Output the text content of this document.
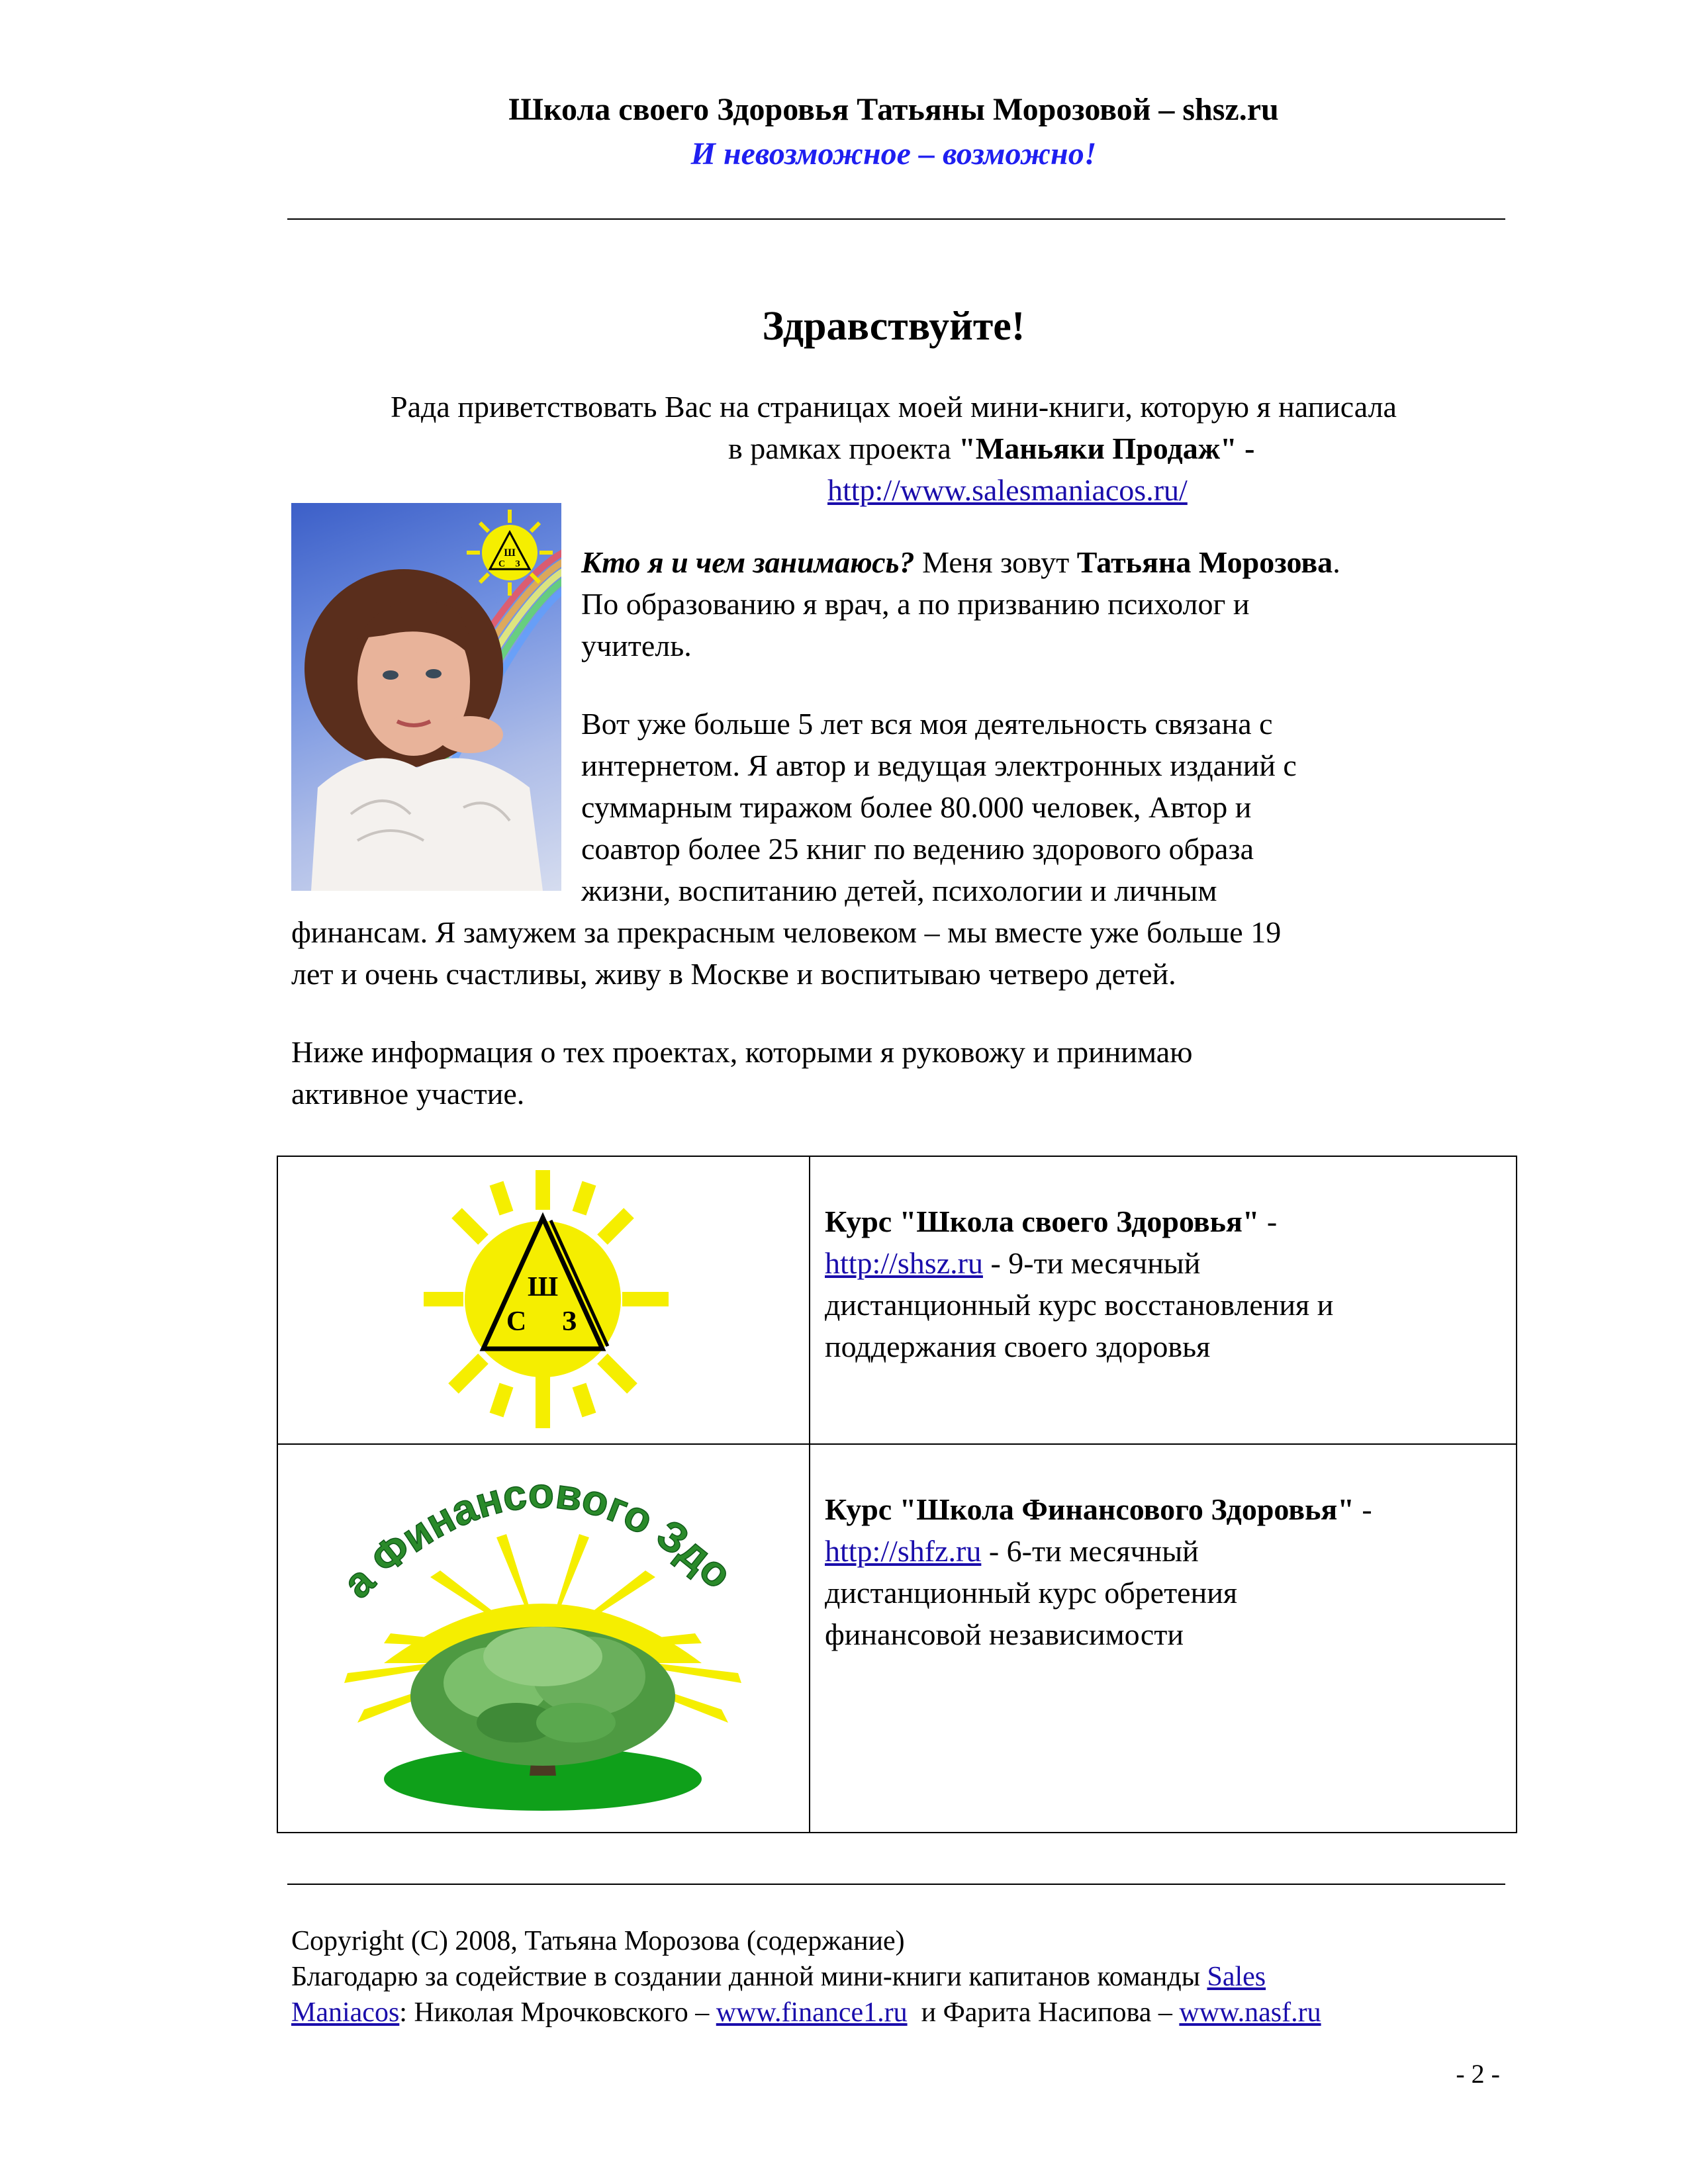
Школа своего Здоровья Татьяны Морозовой – shsz.ru
И невозможное – возможно!
Здравствуйте!
Рада приветствовать Вас на страницах моей мини-книги, которую я написала
в рамках проекта "Маньяки Продаж" -
http://www.salesmaniacos.ru/
Ш
С З Кто я и чем занимаюсь? Меня зовут Татьяна Морозова.
По образованию я врач, а по призванию психолог и
учитель.
Вот уже больше 5 лет вся моя деятельность связана с
интернетом. Я автор и ведущая электронных изданий с
суммарным тиражом более 80.000 человек, Автор и
соавтор более 25 книг по ведению здорового образа
жизни, воспитанию детей, психологии и личным
финансам. Я замужем за прекрасным человеком – мы вместе уже больше 19
лет и очень счастливы, живу в Москве и воспитываю четверо детей.
Ниже информация о тех проектах, которыми я руковожу и принимаю
активное участие.
Ш
С З	Курс "Школа своего Здоровья" -
http://shsz.ru - 9-ти месячный
дистанционный курс восстановления и
поддержания своего здоровья

а Финансового Здо	Курс "Школа Финансового Здоровья" -
http://shfz.ru - 6-ти месячный
дистанционный курс обретения
финансовой независимости
Copyright (C) 2008, Татьяна Морозова (содержание)
Благодарю за содействие в создании данной мини-книги капитанов команды Sales
Maniacos: Николая Мрочковского – www.finance1.ru  и Фарита Насипова – www.nasf.ru
- 2 -
